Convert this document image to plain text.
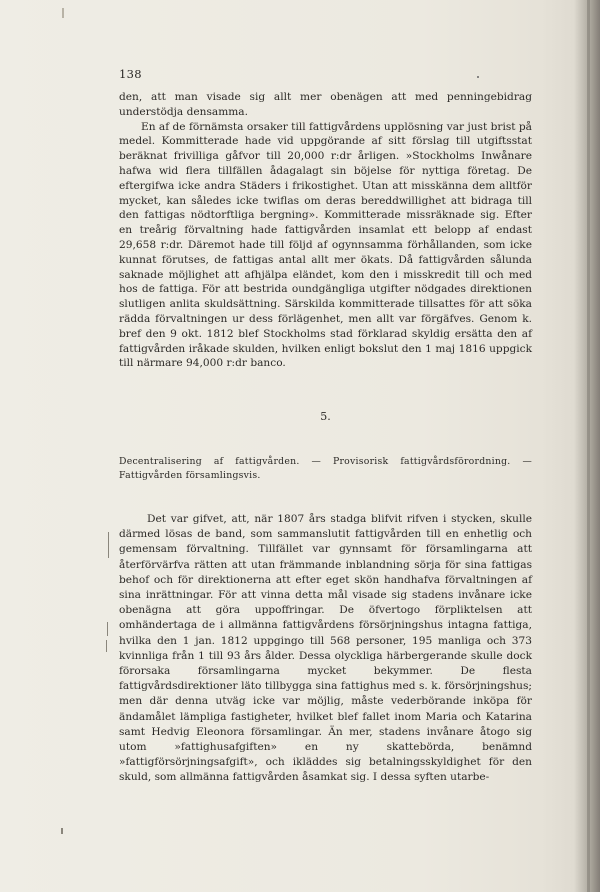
138

den, att man visade sig allt mer obenägen att med penningebidrag understödja densamma.

En af de förnämsta orsaker till fattigvårdens upplösning var just brist på medel. Kommitterade hade vid uppgörande af sitt förslag till utgiftsstat beräknat frivilliga gåfvor till 20,000 r:dr årligen. »Stockholms Inwånare hafwa wid flera tillfällen ådagalagt sin böjelse för nyttiga företag. De eftergifwa icke andra Städers i frikostighet. Utan att misskänna dem alltför mycket, kan således icke twiflas om deras bereddwillighet att bidraga till den fattigas nödtorftliga bergning». Kommitterade missräknade sig. Efter en treårig förvaltning hade fattigvården insamlat ett belopp af endast 29,658 r:dr. Däremot hade till följd af ogynnsamma förhållanden, som icke kunnat förutses, de fattigas antal allt mer ökats. Då fattigvården sålunda saknade möjlighet att afhjälpa eländet, kom den i misskredit till och med hos de fattiga. För att bestrida oundgängliga utgifter nödgades direktionen slutligen anlita skuldsättning. Särskilda kommitterade tillsattes för att söka rädda förvaltningen ur dess förlägenhet, men allt var förgäfves. Genom k. bref den 9 okt. 1812 blef Stockholms stad förklarad skyldig ersätta den af fattigvården iråkade skulden, hvilken enligt bokslut den 1 maj 1816 uppgick till närmare 94,000 r:dr banco.

5.
Decentralisering af fattigvården. — Provisorisk fattigvårdsförordning. — Fattigvården församlingsvis.

Det var gifvet, att, när 1807 års stadga blifvit rifven i stycken, skulle därmed lösas de band, som sammanslutit fattigvården till en enhetlig och gemensam förvaltning. Tillfället var gynnsamt för församlingarna att återförvärfva rätten att utan främmande inblandning sörja för sina fattigas behof och för direktionerna att efter eget skön handhafva förvaltningen af sina inrättningar. För att vinna detta mål visade sig stadens invånare icke obenägna att göra uppoffringar. De öfvertogo förpliktelsen att omhändertaga de i allmänna fattigvårdens försörjningshus intagna fattiga, hvilka den 1 jan. 1812 uppgingo till 568 personer, 195 manliga och 373 kvinnliga från 1 till 93 års ålder. Dessa olyckliga härbergerande skulle dock förorsaka församlingarna mycket bekymmer. De flesta fattigvårdsdirektioner läto tillbygga sina fattighus med s. k. försörjningshus; men där denna utväg icke var möjlig, måste vederbörande inköpa för ändamålet lämpliga fastigheter, hvilket blef fallet inom Maria och Katarina samt Hedvig Eleonora församlingar. Än mer, stadens invånare åtogo sig utom »fattighusafgiften» en ny skattebörda, benämnd »fattigförsörjningsafgift», och ikläddes sig betalningsskyldighet för den skuld, som allmänna fattigvården åsamkat sig. I dessa syften utarbe-
